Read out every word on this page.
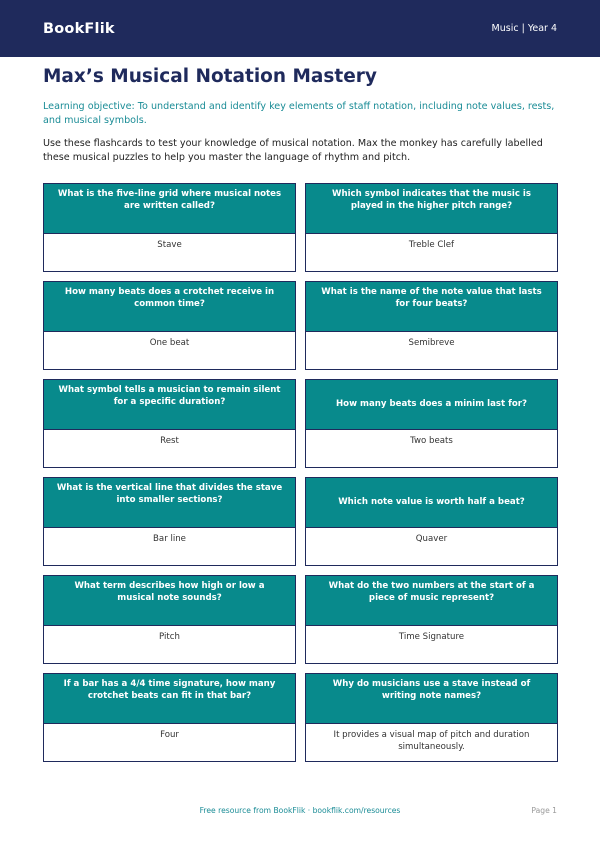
BookFlik	Music | Year 4
Max’s Musical Notation Mastery

Learning objective: To understand and identify key elements of staff notation, including note values, rests, and musical symbols.

Use these flashcards to test your knowledge of musical notation. Max the monkey has carefully labelled these musical puzzles to help you master the language of rhythm and pitch.

What is the five-line grid where musical notes are written called?
Stave
Which symbol indicates that the music is played in the higher pitch range?
Treble Clef
How many beats does a crotchet receive in common time?
One beat
What is the name of the note value that lasts for four beats?
Semibreve
What symbol tells a musician to remain silent for a specific duration?
Rest
How many beats does a minim last for?
Two beats
What is the vertical line that divides the stave into smaller sections?
Bar line
Which note value is worth half a beat?
Quaver
What term describes how high or low a musical note sounds?
Pitch
What do the two numbers at the start of a piece of music represent?
Time Signature
If a bar has a 4/4 time signature, how many crotchet beats can fit in that bar?
Four
Why do musicians use a stave instead of writing note names?
It provides a visual map of pitch and duration simultaneously.
Free resource from BookFlik · bookflik.com/resources	Page 1
